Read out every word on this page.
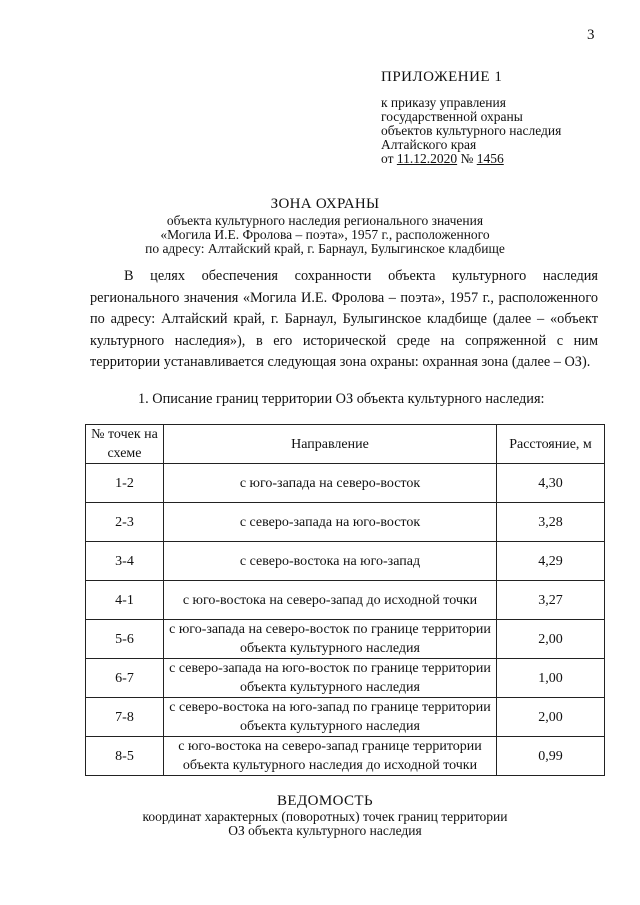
3
ПРИЛОЖЕНИЕ 1
к приказу управления
государственной охраны
объектов культурного наследия
Алтайского края
от 11.12.2020 № 1456
ЗОНА ОХРАНЫ
объекта культурного наследия регионального значения
«Могила И.Е. Фролова – поэта», 1957 г., расположенного
по адресу: Алтайский край, г. Барнаул, Булыгинское кладбище

В целях обеспечения сохранности объекта культурного наследия регионального значения «Могила И.Е. Фролова – поэта», 1957 г., расположенного по адресу: Алтайский край, г. Барнаул, Булыгинское кладбище (далее – «объект культурного наследия»), в его исторической среде на сопряженной с ним территории устанавливается следующая зона охраны: охранная зона (далее – ОЗ).

1. Описание границ территории ОЗ объекта культурного наследия:
№ точек на схеме	Направление	Расстояние, м
1-2	с юго-запада на северо-восток	4,30
2-3	с северо-запада на юго-восток	3,28
3-4	с северо-востока на юго-запад	4,29
4-1	с юго-востока на северо-запад до исходной точки	3,27
5-6	с юго-запада на северо-восток по границе территории объекта культурного наследия	2,00
6-7	с северо-запада на юго-восток по границе территории объекта культурного наследия	1,00
7-8	с северо-востока на юго-запад по границе территории объекта культурного наследия	2,00
8-5	с юго-востока на северо-запад границе территории объекта культурного наследия до исходной точки	0,99
ВЕДОМОСТЬ
координат характерных (поворотных) точек границ территории
ОЗ объекта культурного наследия
